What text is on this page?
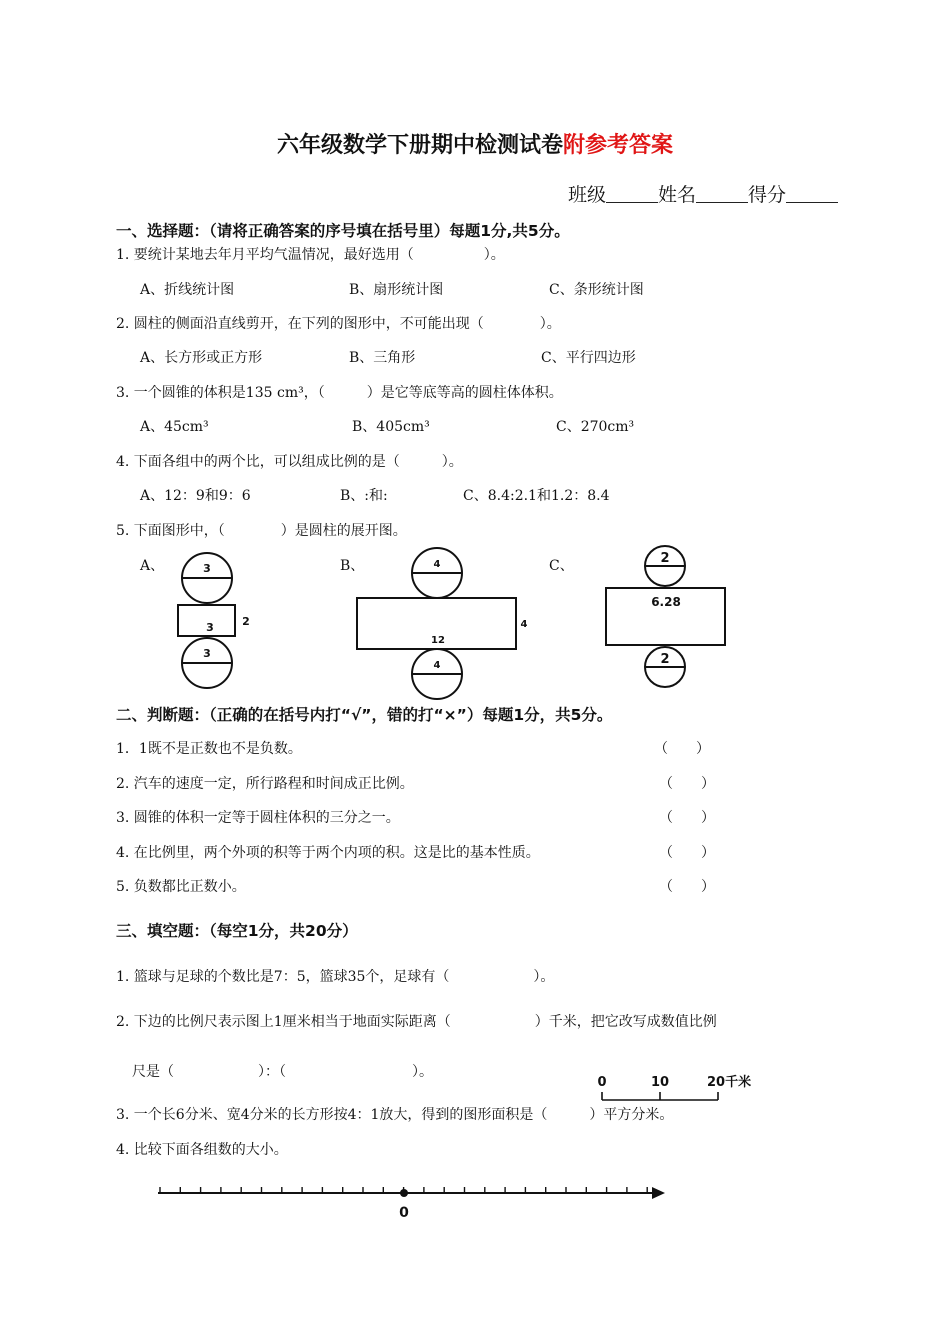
六年级数学下册期中检测试卷附参考答案
班级	姓名	得分
一、选择题：（请将正确答案的序号填在括号里）每题1分,共5分。
1. 要统计某地去年月平均气温情况，最好选用（　　　　　）。
A、折线统计图	B、扇形统计图	C、条形统计图
2. 圆柱的侧面沿直线剪开，在下列的图形中，不可能出现（　　　　）。
A、长方形或正方形	B、三角形	C、平行四边形
3. 一个圆锥的体积是135 cm³，（　　　）是它等底等高的圆柱体体积。
A、45cm³	B、405cm³	C、270cm³
4. 下面各组中的两个比，可以组成比例的是（　　　）。
A、12：9和9：6	B、:和:	C、8.4:2.1和1.2：8.4
5. 下面图形中，（　　　　）是圆柱的展开图。
A、	B、	C、
3
3	2
3
4
12
4
4
2
6.28
2
二、判断题：（正确的在括号内打“√”，错的打“×”）每题1分，共5分。
1．1既不是正数也不是负数。	（　　）
2. 汽车的速度一定，所行路程和时间成正比例。	（　　）
3. 圆锥的体积一定等于圆柱体积的三分之一。	（　　）
4. 在比例里，两个外项的积等于两个内项的积。这是比的基本性质。	（　　）
5. 负数都比正数小。	（　　）
三、填空题：（每空1分，共20分）
1. 篮球与足球的个数比是7：5，篮球35个，足球有（　　　　　　）。
2. 下边的比例尺表示图上1厘米相当于地面实际距离（　　　　　　）千米，把它改写成数值比例
尺是（　　　　　　）：（　　　　　　　　　）。
0	10	20千米
3. 一个长6分米、宽4分米的长方形按4：1放大，得到的图形面积是（　　　）平方分米。
4. 比较下面各组数的大小。
0
